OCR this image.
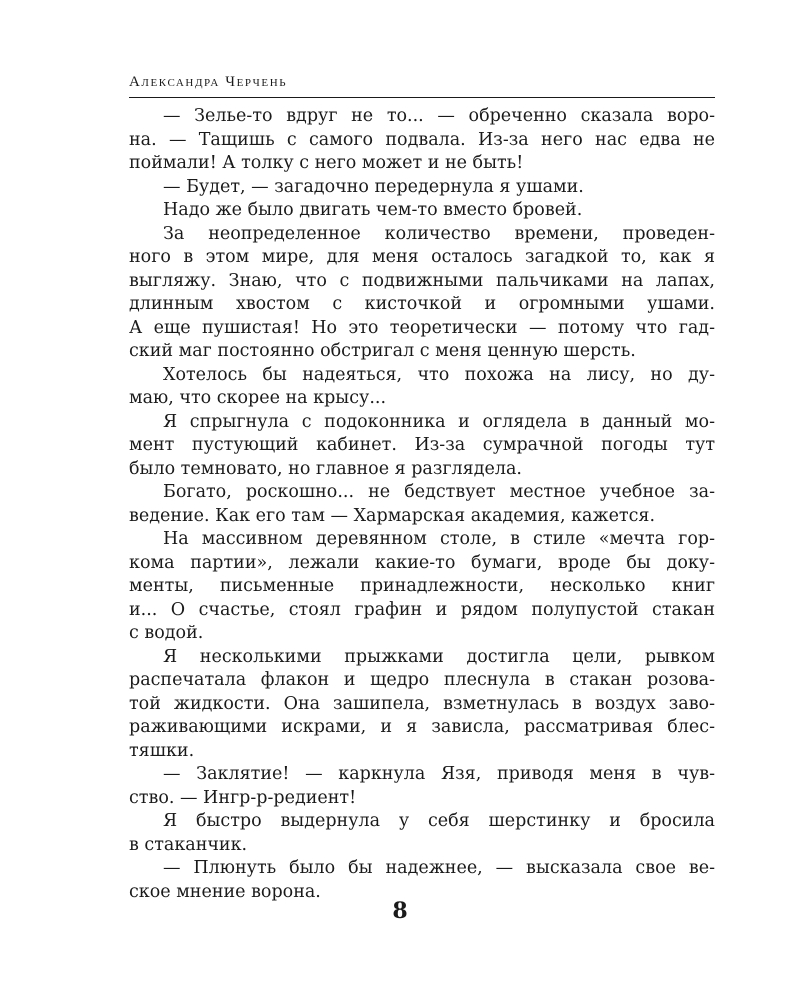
Александра Черчень
— Зелье-то вдруг не то... — обреченно сказала воро-
на. — Тащишь с самого подвала. Из-за него нас едва не
поймали! А толку с него может и не быть!
— Будет, — загадочно передернула я ушами.
Надо же было двигать чем-то вместо бровей.
За неопределенное количество времени, проведен-
ного в этом мире, для меня осталось загадкой то, как я
выгляжу. Знаю, что с подвижными пальчиками на лапах,
длинным хвостом с кисточкой и огромными ушами.
А еще пушистая! Но это теоретически — потому что гад-
ский маг постоянно обстригал с меня ценную шерсть.
Хотелось бы надеяться, что похожа на лису, но ду-
маю, что скорее на крысу...
Я спрыгнула с подоконника и оглядела в данный мо-
мент пустующий кабинет. Из-за сумрачной погоды тут
было темновато, но главное я разглядела.
Богато, роскошно... не бедствует местное учебное за-
ведение. Как его там — Хармарская академия, кажется.
На массивном деревянном столе, в стиле «мечта гор-
кома партии», лежали какие-то бумаги, вроде бы доку-
менты, письменные принадлежности, несколько книг
и... О счастье, стоял графин и рядом полупустой стакан
с водой.
Я несколькими прыжками достигла цели, рывком
распечатала флакон и щедро плеснула в стакан розова-
той жидкости. Она зашипела, взметнулась в воздух заво-
раживающими искрами, и я зависла, рассматривая блес-
тяшки.
— Заклятие! — каркнула Язя, приводя меня в чув-
ство. — Ингр-р-редиент!
Я быстро выдернула у себя шерстинку и бросила
в стаканчик.
— Плюнуть было бы надежнее, — высказала свое ве-
ское мнение ворона.
8
